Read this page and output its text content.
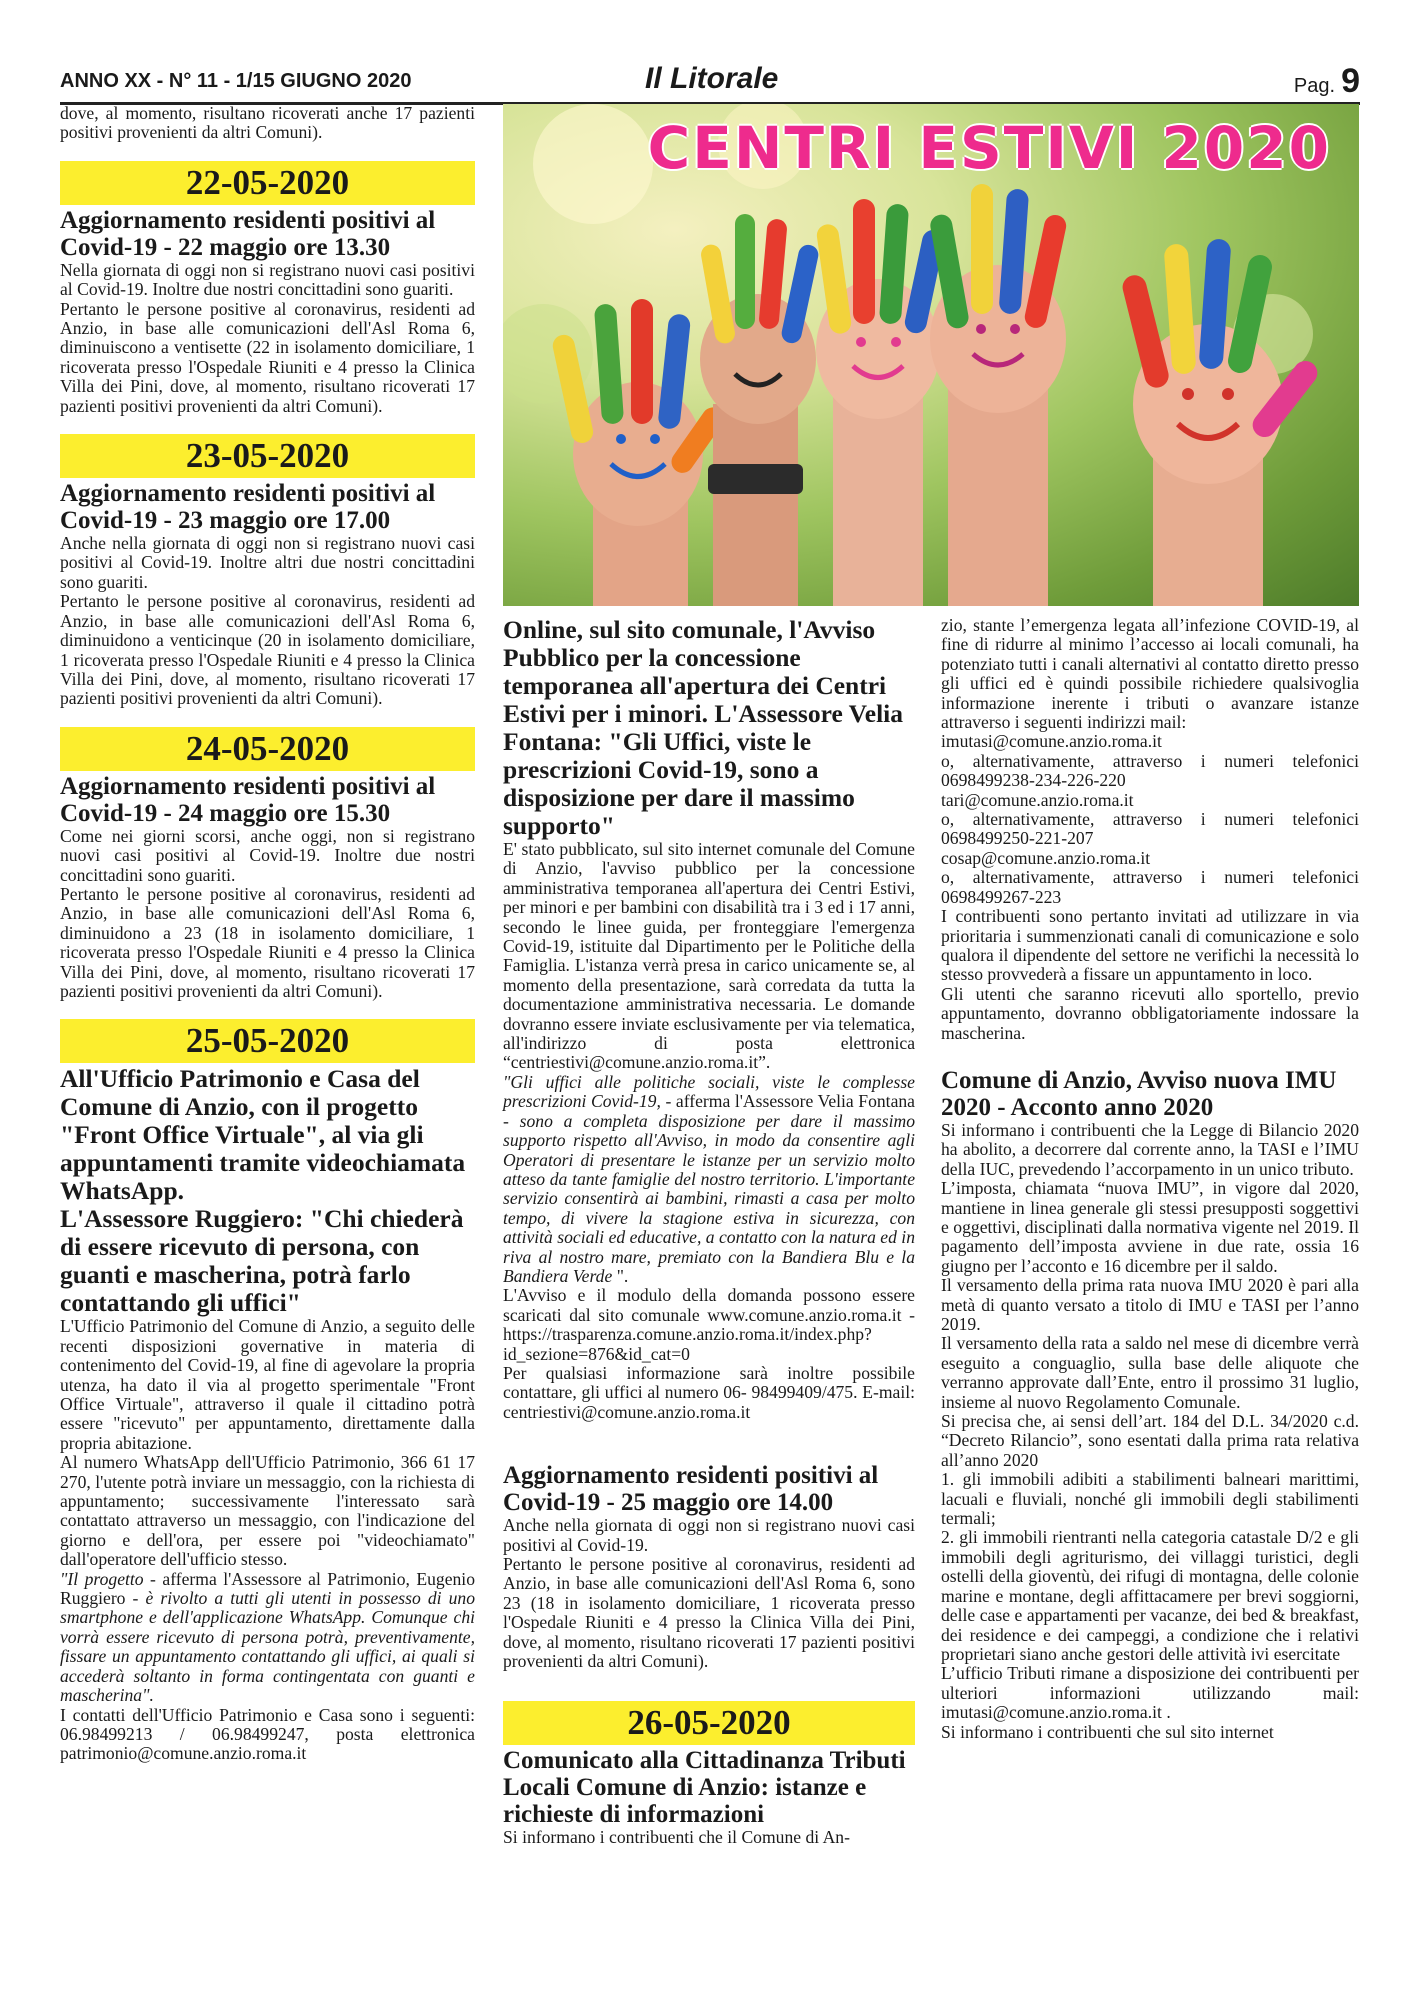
ANNO XX - N° 11 - 1/15 GIUGNO 2020	Il Litorale	Pag. 9

dove, al momento, risultano ricoverati anche 17 pazienti positivi provenienti da altri Comuni).

22-05-2020

Aggiornamento residenti positivi al Covid-19 - 22 maggio ore 13.30

Nella giornata di oggi non si registrano nuovi casi positivi al Covid-19. Inoltre due nostri concittadini sono guariti.

Pertanto le persone positive al coronavirus, residenti ad Anzio, in base alle comunicazioni dell'Asl Roma 6, diminuiscono a ventisette (22 in isolamento domiciliare, 1 ricoverata presso l'Ospedale Riuniti e 4 presso la Clinica Villa dei Pini, dove, al momento, risultano ricoverati 17 pazienti positivi provenienti da altri Comuni).

23-05-2020

Aggiornamento residenti positivi al Covid-19 - 23 maggio ore 17.00

Anche nella giornata di oggi non si registrano nuovi casi positivi al Covid-19. Inoltre altri due nostri concittadini sono guariti.

Pertanto le persone positive al coronavirus, residenti ad Anzio, in base alle comunicazioni dell'Asl Roma 6, diminuidono a venticinque (20 in isolamento domiciliare, 1 ricoverata presso l'Ospedale Riuniti e 4 presso la Clinica Villa dei Pini, dove, al momento, risultano ricoverati 17 pazienti positivi provenienti da altri Comuni).

24-05-2020

Aggiornamento residenti positivi al Covid-19 - 24 maggio ore 15.30

Come nei giorni scorsi, anche oggi, non si registrano nuovi casi positivi al Covid-19. Inoltre due nostri concittadini sono guariti.

Pertanto le persone positive al coronavirus, residenti ad Anzio, in base alle comunicazioni dell'Asl Roma 6, diminuidono a 23 (18 in isolamento domiciliare, 1 ricoverata presso l'Ospedale Riuniti e 4 presso la Clinica Villa dei Pini, dove, al momento, risultano ricoverati 17 pazienti positivi provenienti da altri Comuni).

25-05-2020

All'Ufficio Patrimonio e Casa del Comune di Anzio, con il progetto "Front Office Virtuale", al via gli appuntamenti tramite videochiamata WhatsApp.

L'Assessore Ruggiero: "Chi chiederà di essere ricevuto di persona, con guanti e mascherina, potrà farlo contattando gli uffici"

L'Ufficio Patrimonio del Comune di Anzio, a seguito delle recenti disposizioni governative in materia di contenimento del Covid-19, al fine di agevolare la propria utenza, ha dato il via al progetto sperimentale "Front Office Virtuale", attraverso il quale il cittadino potrà essere "ricevuto" per appuntamento, direttamente dalla propria abitazione.

Al numero WhatsApp dell'Ufficio Patrimonio, 366 61 17 270, l'utente potrà inviare un messaggio, con la richiesta di appuntamento; successivamente l'interessato sarà contattato attraverso un messaggio, con l'indicazione del giorno e dell'ora, per essere poi "videochiamato" dall'operatore dell'ufficio stesso.

"Il progetto - afferma l'Assessore al Patrimonio, Eugenio Ruggiero - è rivolto a tutti gli utenti in possesso di uno smartphone e dell'applicazione WhatsApp. Comunque chi vorrà essere ricevuto di persona potrà, preventivamente, fissare un appuntamento contattando gli uffici, ai quali si accederà soltanto in forma contingentata con guanti e mascherina".

I contatti dell'Ufficio Patrimonio e Casa sono i seguenti: 06.98499213 / 06.98499247, posta elettronica patrimonio@comune.anzio.roma.it

CENTRI ESTIVI 2020

Online, sul sito comunale, l'Avviso Pubblico per la concessione temporanea all'apertura dei Centri Estivi per i minori. L'Assessore Velia Fontana: "Gli Uffici, viste le prescrizioni Covid-19, sono a disposizione per dare il massimo supporto"

E' stato pubblicato, sul sito internet comunale del Comune di Anzio, l'avviso pubblico per la concessione amministrativa temporanea all'apertura dei Centri Estivi, per minori e per bambini con disabilità tra i 3 ed i 17 anni, secondo le linee guida, per fronteggiare l'emergenza Covid-19, istituite dal Dipartimento per le Politiche della Famiglia. L'istanza verrà presa in carico unicamente se, al momento della presentazione, sarà corredata da tutta la documentazione amministrativa necessaria. Le domande dovranno essere inviate esclusivamente per via telematica, all'indirizzo di posta elettronica “centriestivi@comune.anzio.roma.it”.

"Gli uffici alle politiche sociali, viste le complesse prescrizioni Covid-19, - afferma l'Assessore Velia Fontana - sono a completa disposizione per dare il massimo supporto rispetto all'Avviso, in modo da consentire agli Operatori di presentare le istanze per un servizio molto atteso da tante famiglie del nostro territorio. L'importante servizio consentirà ai bambini, rimasti a casa per molto tempo, di vivere la stagione estiva in sicurezza, con attività sociali ed educative, a contatto con la natura ed in riva al nostro mare, premiato con la Bandiera Blu e la Bandiera Verde ".

L'Avviso e il modulo della domanda possono essere scaricati dal sito comunale www.comune.anzio.roma.it - https://trasparenza.comune.anzio.roma.it/index.php?id_sezione=876&id_cat=0

Per qualsiasi informazione sarà inoltre possibile contattare, gli uffici al numero 06- 98499409/475. E-mail: centriestivi@comune.anzio.roma.it

Aggiornamento residenti positivi al Covid-19 - 25 maggio ore 14.00

Anche nella giornata di oggi non si registrano nuovi casi positivi al Covid-19.

Pertanto le persone positive al coronavirus, residenti ad Anzio, in base alle comunicazioni dell'Asl Roma 6, sono 23 (18 in isolamento domiciliare, 1 ricoverata presso l'Ospedale Riuniti e 4 presso la Clinica Villa dei Pini, dove, al momento, risultano ricoverati 17 pazienti positivi provenienti da altri Comuni).

26-05-2020

Comunicato alla Cittadinanza Tributi Locali Comune di Anzio: istanze e richieste di informazioni

Si informano i contribuenti che il Comune di An-

zio, stante l’emergenza legata all’infezione COVID-19, al fine di ridurre al minimo l’accesso ai locali comunali, ha potenziato tutti i canali alternativi al contatto diretto presso gli uffici ed è quindi possibile richiedere qualsivoglia informazione inerente i tributi o avanzare istanze attraverso i seguenti indirizzi mail:

imutasi@comune.anzio.roma.it

o, alternativamente, attraverso i numeri telefonici 0698499238-234-226-220

tari@comune.anzio.roma.it

o, alternativamente, attraverso i numeri telefonici 0698499250-221-207

cosap@comune.anzio.roma.it

o, alternativamente, attraverso i numeri telefonici 0698499267-223

I contribuenti sono pertanto invitati ad utilizzare in via prioritaria i summenzionati canali di comunicazione e solo qualora il dipendente del settore ne verifichi la necessità lo stesso provvederà a fissare un appuntamento in loco.

Gli utenti che saranno ricevuti allo sportello, previo appuntamento, dovranno obbligatoriamente indossare la mascherina.

Comune di Anzio, Avviso nuova IMU 2020 - Acconto anno 2020

Si informano i contribuenti che la Legge di Bilancio 2020 ha abolito, a decorrere dal corrente anno, la TASI e l’IMU della IUC, prevedendo l’accorpamento in un unico tributo.

L’imposta, chiamata “nuova IMU”, in vigore dal 2020, mantiene in linea generale gli stessi presupposti soggettivi e oggettivi, disciplinati dalla normativa vigente nel 2019. Il pagamento dell’imposta avviene in due rate, ossia 16 giugno per l’acconto e 16 dicembre per il saldo.

Il versamento della prima rata nuova IMU 2020 è pari alla metà di quanto versato a titolo di IMU e TASI per l’anno 2019.

Il versamento della rata a saldo nel mese di dicembre verrà eseguito a conguaglio, sulla base delle aliquote che verranno approvate dall’Ente, entro il prossimo 31 luglio, insieme al nuovo Regolamento Comunale.

Si precisa che, ai sensi dell’art. 184 del D.L. 34/2020 c.d. “Decreto Rilancio”, sono esentati dalla prima rata relativa all’anno 2020

1. gli immobili adibiti a stabilimenti balneari marittimi, lacuali e fluviali, nonché gli immobili degli stabilimenti termali;

2. gli immobili rientranti nella categoria catastale D/2 e gli immobili degli agriturismo, dei villaggi turistici, degli ostelli della gioventù, dei rifugi di montagna, delle colonie marine e montane, degli affittacamere per brevi soggiorni, delle case e appartamenti per vacanze, dei bed & breakfast, dei residence e dei campeggi, a condizione che i relativi proprietari siano anche gestori delle attività ivi esercitate

L’ufficio Tributi rimane a disposizione dei contribuenti per ulteriori informazioni utilizzando mail: imutasi@comune.anzio.roma.it .

Si informano i contribuenti che sul sito internet
